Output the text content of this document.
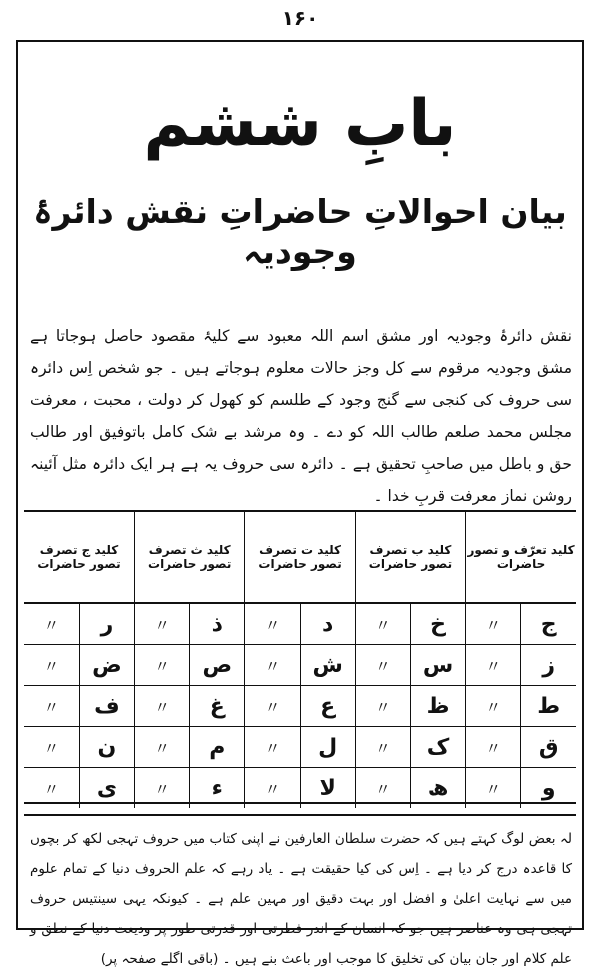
۱۶۰
بابِ ششم
بیان احوالاتِ حاضراتِ نقش دائرۂ وجودیہ
نقش دائرۂ وجودیہ اور مشق اسم اللہ معبود سے کلیۂ مقصود حاصل ہوجاتا ہے مشق وجودیہ مرقوم سے کل وجز حالات معلوم ہوجاتے ہیں ۔ جو شخص اِس دائرہ سی حروف کی کنجی سے گنج وجود کے طلسم کو کھول کر دولت ، محبت ، معرفت مجلس محمد صلعم طالب اللہ کو دے ۔ وہ مرشد بے شک کامل باتوفیق اور طالب حق و باطل میں صاحبِ تحقیق ہے ۔ دائرہ سی حروف یہ ہے ہر ایک دائرہ مثل آئینہ روشن نماز معرفت قربِ خدا ۔
کلید تعرّف و تصور حاضرات		کلید ب تصرف تصور حاضرات		کلید ت تصرف تصور حاضرات		کلید ث تصرف تصور حاضرات		کلید ج تصرف تصور حاضرات	
ج	〃	خ	〃	د	〃	ذ	〃	ر	〃
ز	〃	س	〃	ش	〃	ص	〃	ض	〃
ط	〃	ظ	〃	ع	〃	غ	〃	ف	〃
ق	〃	ک	〃	ل	〃	م	〃	ن	〃
و	〃	ھ	〃	لا	〃	ء	〃	ی	〃
لہ بعض لوگ کہتے ہیں کہ حضرت سلطان العارفین نے اپنی کتاب میں حروف تہجی لکھ کر بچوں کا قاعدہ درج کر دیا ہے ۔ اِس کی کیا حقیقت ہے ۔ یاد رہے کہ علم الحروف دنیا کے تمام علوم میں سے نہایت اعلیٰ و افضل اور بہت دقیق اور مہین علم ہے ۔ کیونکہ یہی سینتیس حروف تہجی ہی وہ عناصر ہیں جو کہ انسان کے اندر فطرتی اور قدرتی طور پر ودیعت دنیا کے نطق و علم کلام اور جان بیان کی تخلیق کا موجب اور باعث بنے ہیں ۔ (باقی اگلے صفحہ پر)
